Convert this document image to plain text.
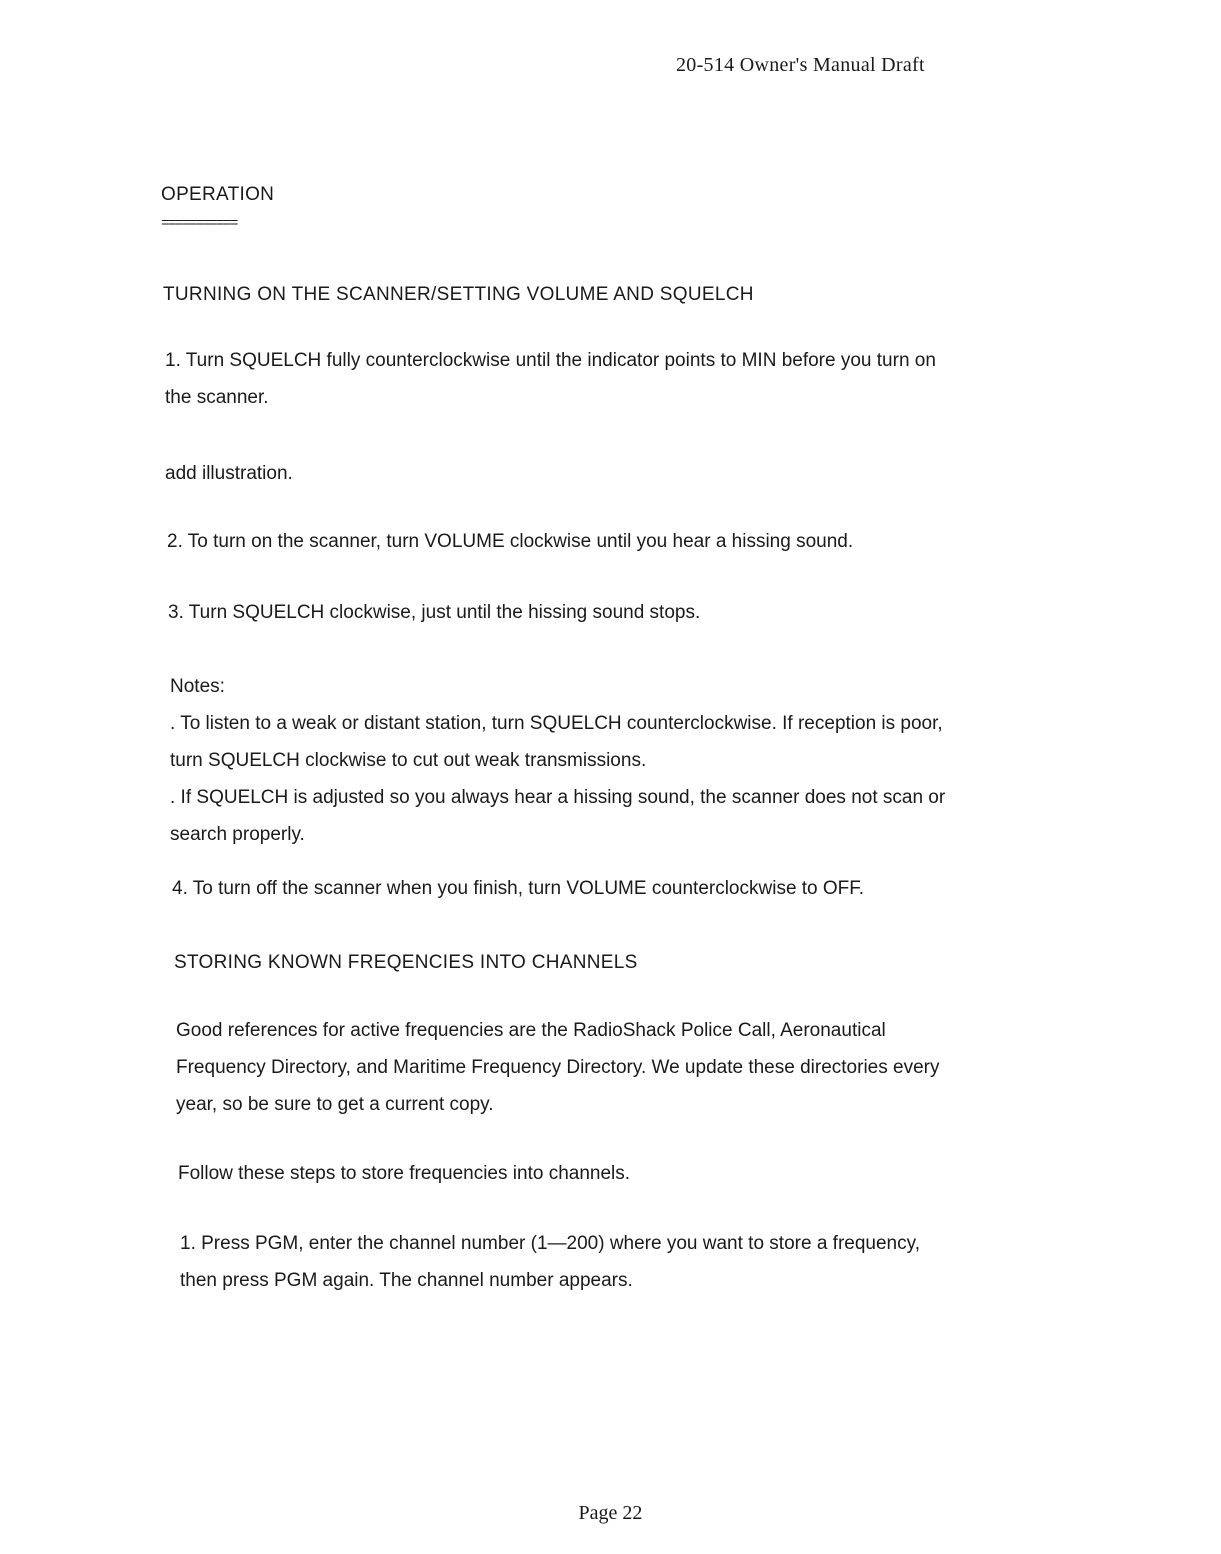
20-514 Owner's Manual Draft
OPERATION
===========
TURNING ON THE SCANNER/SETTING VOLUME AND SQUELCH

1. Turn SQUELCH fully counterclockwise until the indicator points to MIN before you turn on

the scanner.

add illustration.
2. To turn on the scanner, turn VOLUME clockwise until you hear a hissing sound.
3. Turn SQUELCH clockwise, just until the hissing sound stops.

Notes:

. To listen to a weak or distant station, turn SQUELCH counterclockwise. If reception is poor,

turn SQUELCH clockwise to cut out weak transmissions.

. If SQUELCH is adjusted so you always hear a hissing sound, the scanner does not scan or

search properly.

4. To turn off the scanner when you finish, turn VOLUME counterclockwise to OFF.
STORING KNOWN FREQENCIES INTO CHANNELS

Good references for active frequencies are the RadioShack Police Call, Aeronautical

Frequency Directory, and Maritime Frequency Directory. We update these directories every

year, so be sure to get a current copy.

Follow these steps to store frequencies into channels.

1. Press PGM, enter the channel number (1—200) where you want to store a frequency,

then press PGM again. The channel number appears.

Page 22
